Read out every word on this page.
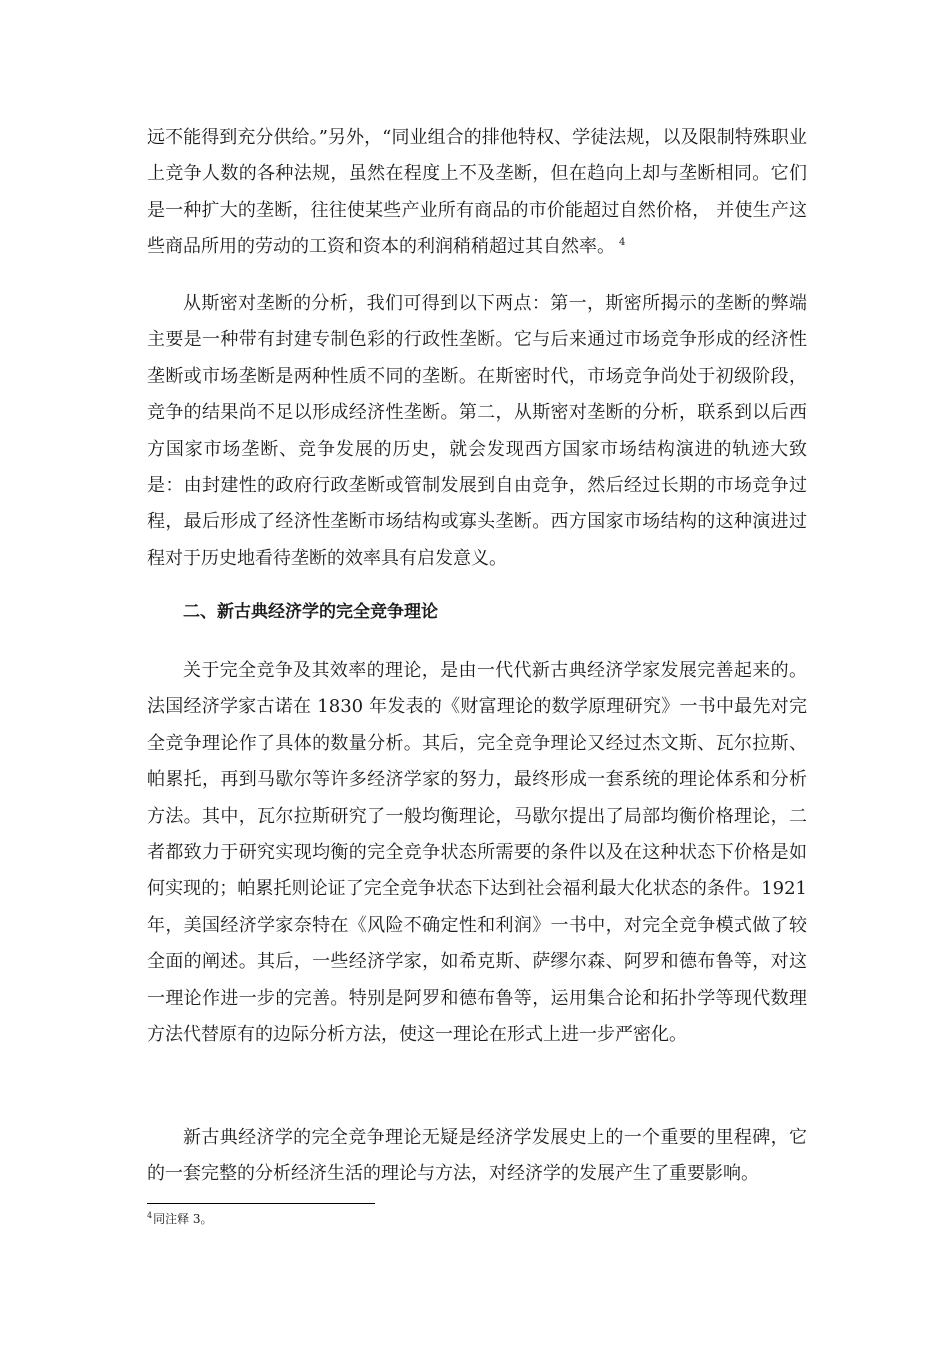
远不能得到充分供给。”另外，“同业组合的排他特权、学徒法规，以及限制特殊职业上竞争人数的各种法规，虽然在程度上不及垄断，但在趋向上却与垄断相同。它们是一种扩大的垄断，往往使某些产业所有商品的市价能超过自然价格， 并使生产这些商品所用的劳动的工资和资本的利润稍稍超过其自然率。 $^4$

从斯密对垄断的分析，我们可得到以下两点：第一，斯密所揭示的垄断的弊端主要是一种带有封建专制色彩的行政性垄断。它与后来通过市场竞争形成的经济性垄断或市场垄断是两种性质不同的垄断。在斯密时代，市场竞争尚处于初级阶段，竞争的结果尚不足以形成经济性垄断。第二，从斯密对垄断的分析，联系到以后西方国家市场垄断、竞争发展的历史，就会发现西方国家市场结构演进的轨迹大致是：由封建性的政府行政垄断或管制发展到自由竞争，然后经过长期的市场竞争过程，最后形成了经济性垄断市场结构或寡头垄断。西方国家市场结构的这种演进过程对于历史地看待垄断的效率具有启发意义。

二、新古典经济学的完全竞争理论

关于完全竞争及其效率的理论，是由一代代新古典经济学家发展完善起来的。法国经济学家古诺在 1830 年发表的《财富理论的数学原理研究》一书中最先对完全竞争理论作了具体的数量分析。其后，完全竞争理论又经过杰文斯、瓦尔拉斯、帕累托，再到马歇尔等许多经济学家的努力，最终形成一套系统的理论体系和分析方法。其中，瓦尔拉斯研究了一般均衡理论，马歇尔提出了局部均衡价格理论，二者都致力于研究实现均衡的完全竞争状态所需要的条件以及在这种状态下价格是如何实现的；帕累托则论证了完全竞争状态下达到社会福利最大化状态的条件。1921 年，美国经济学家奈特在《风险不确定性和利润》一书中，对完全竞争模式做了较全面的阐述。其后，一些经济学家，如希克斯、萨缪尔森、阿罗和德布鲁等，对这一理论作进一步的完善。特别是阿罗和德布鲁等，运用集合论和拓扑学等现代数理方法代替原有的边际分析方法，使这一理论在形式上进一步严密化。

新古典经济学的完全竞争理论无疑是经济学发展史上的一个重要的里程碑，它的一套完整的分析经济生活的理论与方法，对经济学的发展产生了重要影响。

$^4$同注释 3。
